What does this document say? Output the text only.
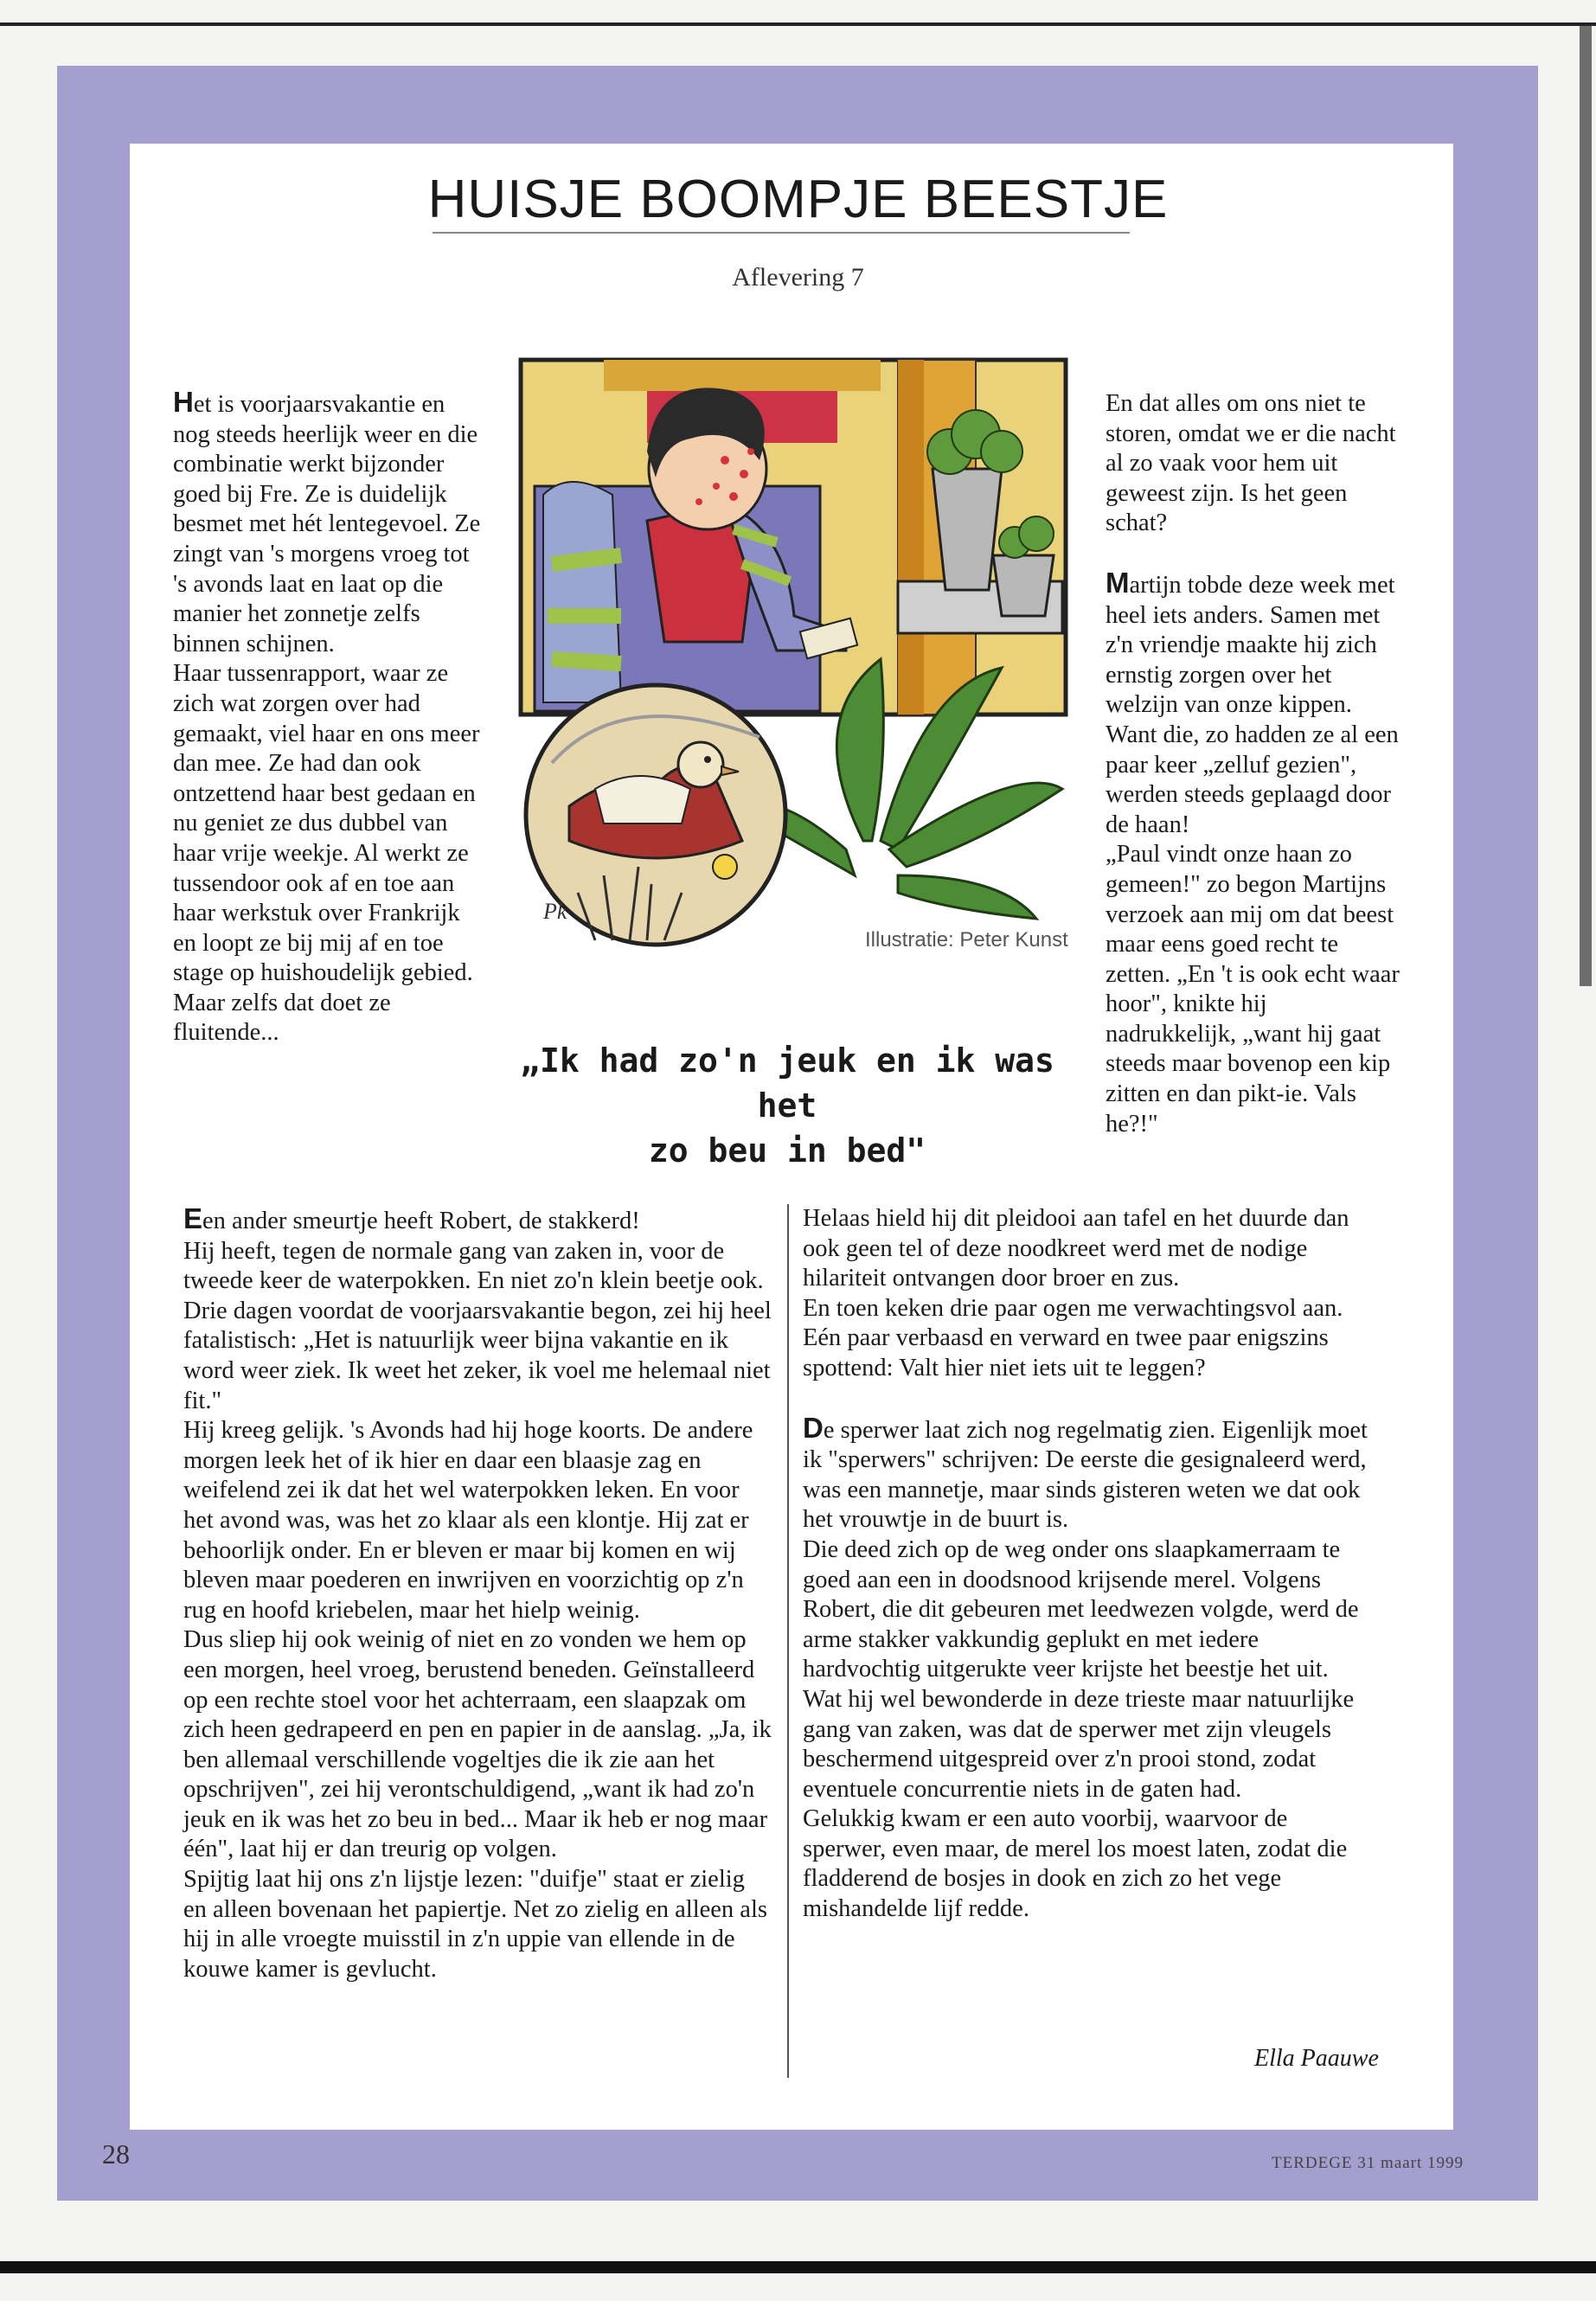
HUISJE BOOMPJE BEESTJE
Aflevering 7

Het is voorjaarsvakantie en nog steeds heerlijk weer en die combinatie werkt bijzonder goed bij Fre. Ze is duidelijk besmet met hét lentegevoel. Ze zingt van 's morgens vroeg tot 's avonds laat en laat op die manier het zonnetje zelfs binnen schijnen.

Haar tussenrapport, waar ze zich wat zorgen over had gemaakt, viel haar en ons meer dan mee. Ze had dan ook ontzettend haar best gedaan en nu geniet ze dus dubbel van haar vrije weekje. Al werkt ze tussendoor ook af en toe aan haar werkstuk over Frankrijk en loopt ze bij mij af en toe stage op huishoudelijk gebied. Maar zelfs dat doet ze fluitende...

Pk
Illustratie: Peter Kunst
„Ik had zo'n jeuk en ik was het
zo beu in bed"

En dat alles om ons niet te storen, omdat we er die nacht al zo vaak voor hem uit geweest zijn. Is het geen schat?

Martijn tobde deze week met heel iets anders. Samen met z'n vriendje maakte hij zich ernstig zorgen over het welzijn van onze kippen. Want die, zo hadden ze al een paar keer „zelluf gezien", werden steeds geplaagd door de haan!

„Paul vindt onze haan zo gemeen!" zo begon Martijns verzoek aan mij om dat beest maar eens goed recht te zetten. „En 't is ook echt waar hoor", knikte hij nadrukkelijk, „want hij gaat steeds maar bovenop een kip zitten en dan pikt-ie. Vals he?!"

Een ander smeurtje heeft Robert, de stakkerd!

Hij heeft, tegen de normale gang van zaken in, voor de tweede keer de waterpokken. En niet zo'n klein beetje ook.

Drie dagen voordat de voorjaarsvakantie begon, zei hij heel fatalistisch: „Het is natuurlijk weer bijna vakantie en ik word weer ziek. Ik weet het zeker, ik voel me helemaal niet fit."

Hij kreeg gelijk. 's Avonds had hij hoge koorts. De andere morgen leek het of ik hier en daar een blaasje zag en weifelend zei ik dat het wel waterpokken leken. En voor het avond was, was het zo klaar als een klontje. Hij zat er behoorlijk onder. En er bleven er maar bij komen en wij bleven maar poederen en inwrijven en voorzichtig op z'n rug en hoofd kriebelen, maar het hielp weinig.

Dus sliep hij ook weinig of niet en zo vonden we hem op een morgen, heel vroeg, berustend beneden. Geïnstalleerd op een rechte stoel voor het achterraam, een slaapzak om zich heen gedrapeerd en pen en papier in de aanslag. „Ja, ik ben allemaal verschillende vogeltjes die ik zie aan het opschrijven", zei hij verontschuldigend, „want ik had zo'n jeuk en ik was het zo beu in bed... Maar ik heb er nog maar één", laat hij er dan treurig op volgen.

Spijtig laat hij ons z'n lijstje lezen: "duifje" staat er zielig en alleen bovenaan het papiertje. Net zo zielig en alleen als hij in alle vroegte muisstil in z'n uppie van ellende in de kouwe kamer is gevlucht.

Helaas hield hij dit pleidooi aan tafel en het duurde dan ook geen tel of deze noodkreet werd met de nodige hilariteit ontvangen door broer en zus.

En toen keken drie paar ogen me verwachtingsvol aan. Eén paar verbaasd en verward en twee paar enigszins spottend: Valt hier niet iets uit te leggen?

De sperwer laat zich nog regelmatig zien. Eigenlijk moet ik "sperwers" schrijven: De eerste die gesignaleerd werd, was een mannetje, maar sinds gisteren weten we dat ook het vrouwtje in de buurt is.

Die deed zich op de weg onder ons slaapkamerraam te goed aan een in doodsnood krijsende merel. Volgens Robert, die dit gebeuren met leedwezen volgde, werd de arme stakker vakkundig geplukt en met iedere hardvochtig uitgerukte veer krijste het beestje het uit.

Wat hij wel bewonderde in deze trieste maar natuurlijke gang van zaken, was dat de sperwer met zijn vleugels beschermend uitgespreid over z'n prooi stond, zodat eventuele concurrentie niets in de gaten had.

Gelukkig kwam er een auto voorbij, waarvoor de sperwer, even maar, de merel los moest laten, zodat die fladderend de bosjes in dook en zich zo het vege mishandelde lijf redde.

Ella Paauwe
28	TERDEGE 31 maart 1999
